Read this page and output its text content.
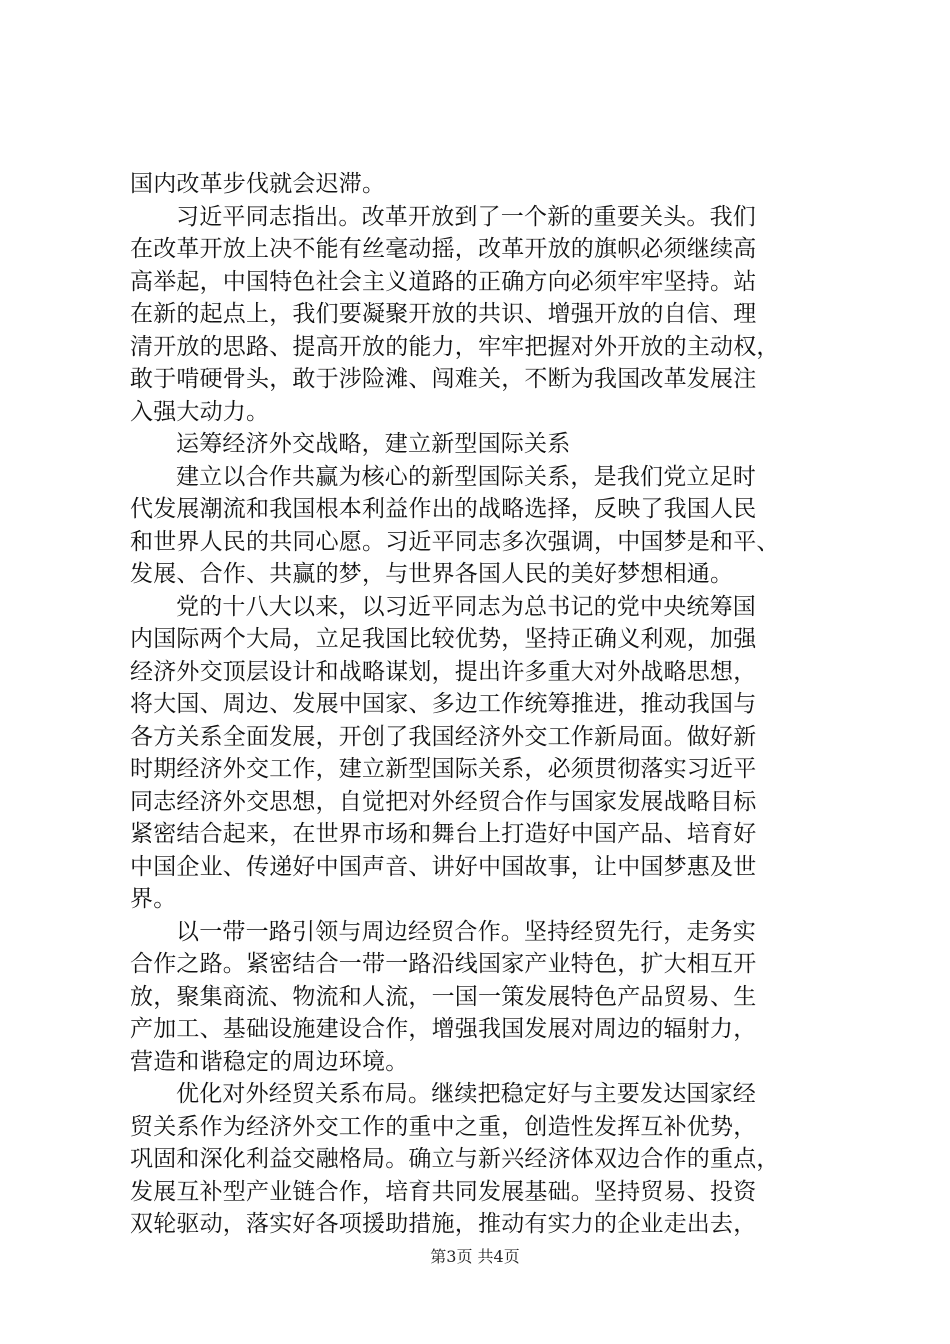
国内改革步伐就会迟滞。
习近平同志指出。改革开放到了一个新的重要关头。我们
在改革开放上决不能有丝毫动摇，改革开放的旗帜必须继续高
高举起，中国特色社会主义道路的正确方向必须牢牢坚持。站
在新的起点上，我们要凝聚开放的共识、增强开放的自信、理
清开放的思路、提高开放的能力，牢牢把握对外开放的主动权，
敢于啃硬骨头，敢于涉险滩、闯难关，不断为我国改革发展注
入强大动力。
运筹经济外交战略，建立新型国际关系
建立以合作共赢为核心的新型国际关系，是我们党立足时
代发展潮流和我国根本利益作出的战略选择，反映了我国人民
和世界人民的共同心愿。习近平同志多次强调，中国梦是和平、
发展、合作、共赢的梦，与世界各国人民的美好梦想相通。
党的十八大以来，以习近平同志为总书记的党中央统筹国
内国际两个大局，立足我国比较优势，坚持正确义利观，加强
经济外交顶层设计和战略谋划，提出许多重大对外战略思想，
将大国、周边、发展中国家、多边工作统筹推进，推动我国与
各方关系全面发展，开创了我国经济外交工作新局面。做好新
时期经济外交工作，建立新型国际关系，必须贯彻落实习近平
同志经济外交思想，自觉把对外经贸合作与国家发展战略目标
紧密结合起来，在世界市场和舞台上打造好中国产品、培育好
中国企业、传递好中国声音、讲好中国故事，让中国梦惠及世
界。
以一带一路引领与周边经贸合作。坚持经贸先行，走务实
合作之路。紧密结合一带一路沿线国家产业特色，扩大相互开
放，聚集商流、物流和人流，一国一策发展特色产品贸易、生
产加工、基础设施建设合作，增强我国发展对周边的辐射力，
营造和谐稳定的周边环境。
优化对外经贸关系布局。继续把稳定好与主要发达国家经
贸关系作为经济外交工作的重中之重，创造性发挥互补优势，
巩固和深化利益交融格局。确立与新兴经济体双边合作的重点，
发展互补型产业链合作，培育共同发展基础。坚持贸易、投资
双轮驱动，落实好各项援助措施，推动有实力的企业走出去，
第3页 共4页
